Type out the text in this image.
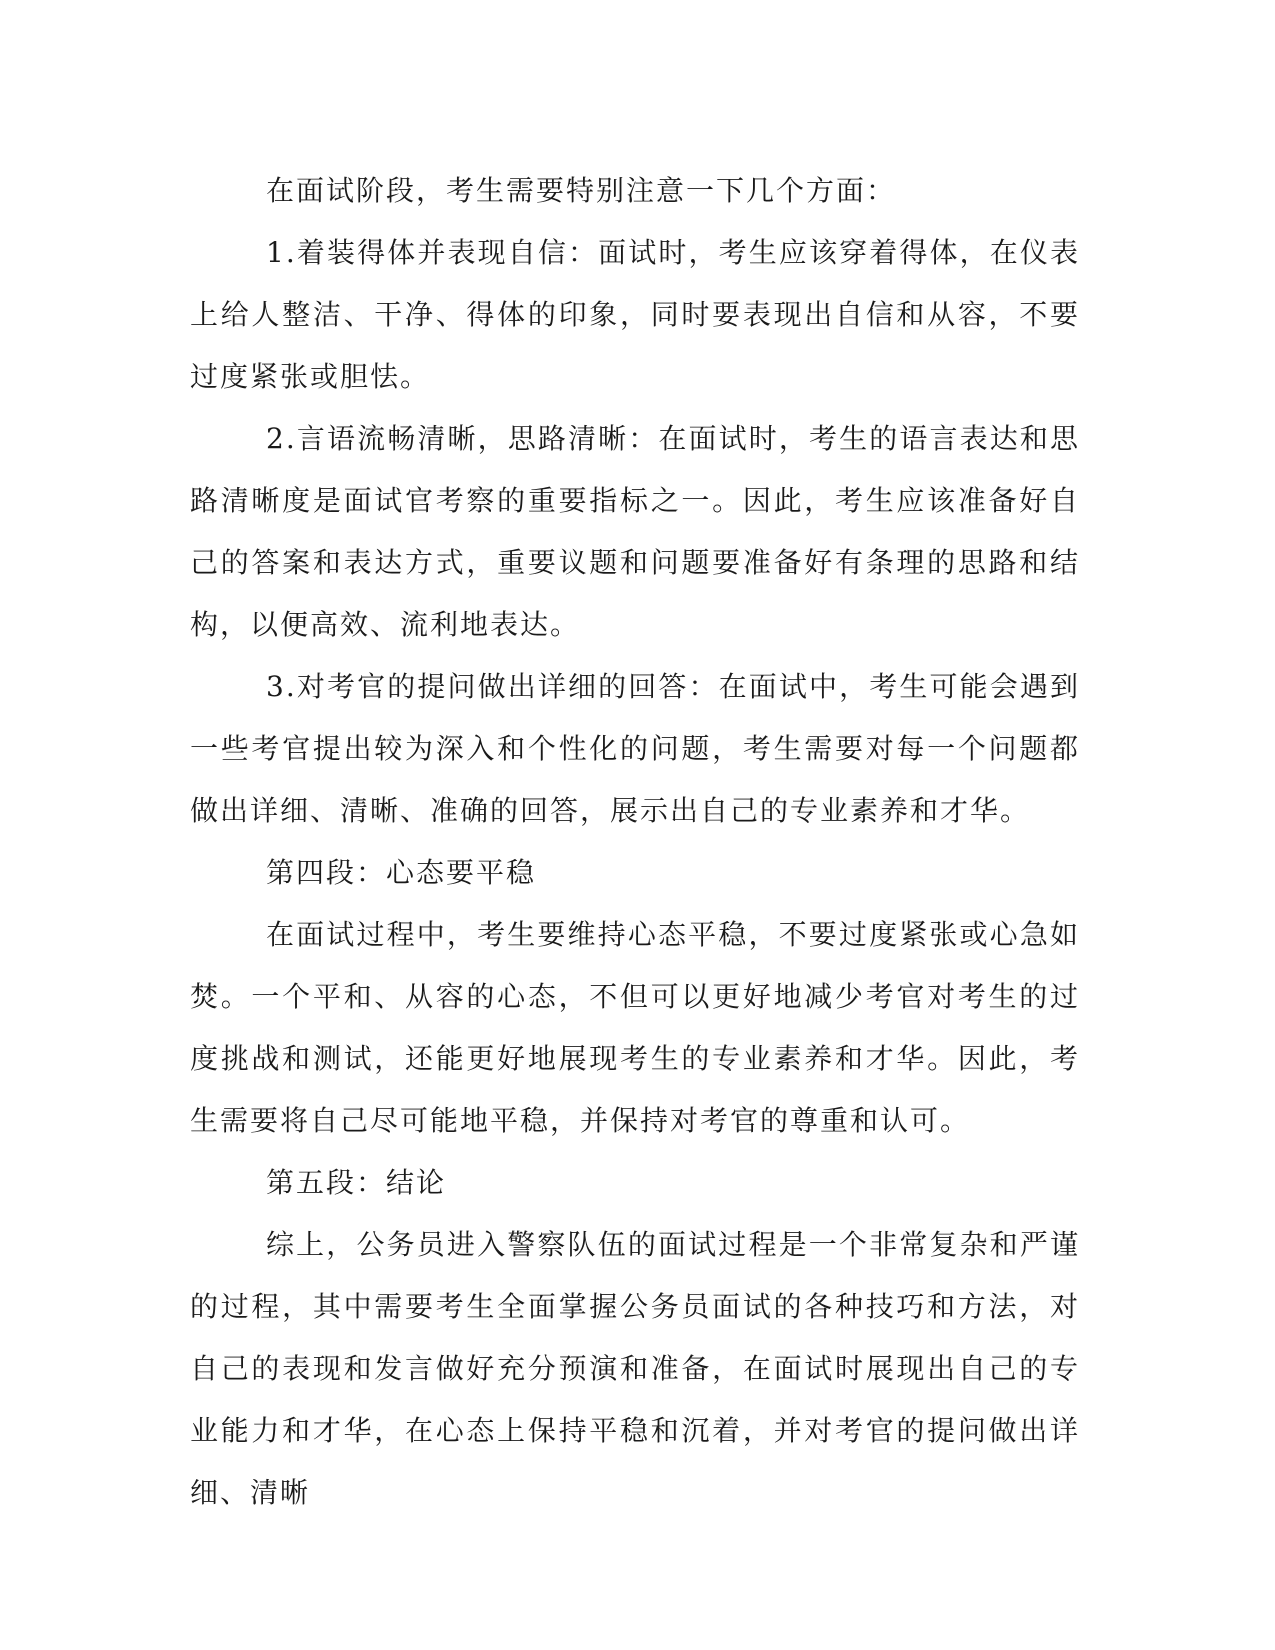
在面试阶段，考生需要特别注意一下几个方面：

1.着装得体并表现自信：面试时，考生应该穿着得体，在仪表上给人整洁、干净、得体的印象，同时要表现出自信和从容，不要过度紧张或胆怯。

2.言语流畅清晰，思路清晰：在面试时，考生的语言表达和思路清晰度是面试官考察的重要指标之一。因此，考生应该准备好自己的答案和表达方式，重要议题和问题要准备好有条理的思路和结构，以便高效、流利地表达。

3.对考官的提问做出详细的回答：在面试中，考生可能会遇到一些考官提出较为深入和个性化的问题，考生需要对每一个问题都做出详细、清晰、准确的回答，展示出自己的专业素养和才华。

第四段：心态要平稳

在面试过程中，考生要维持心态平稳，不要过度紧张或心急如焚。一个平和、从容的心态，不但可以更好地减少考官对考生的过度挑战和测试，还能更好地展现考生的专业素养和才华。因此，考生需要将自己尽可能地平稳，并保持对考官的尊重和认可。

第五段：结论

综上，公务员进入警察队伍的面试过程是一个非常复杂和严谨的过程，其中需要考生全面掌握公务员面试的各种技巧和方法，对自己的表现和发言做好充分预演和准备，在面试时展现出自己的专业能力和才华，在心态上保持平稳和沉着，并对考官的提问做出详细、清晰
